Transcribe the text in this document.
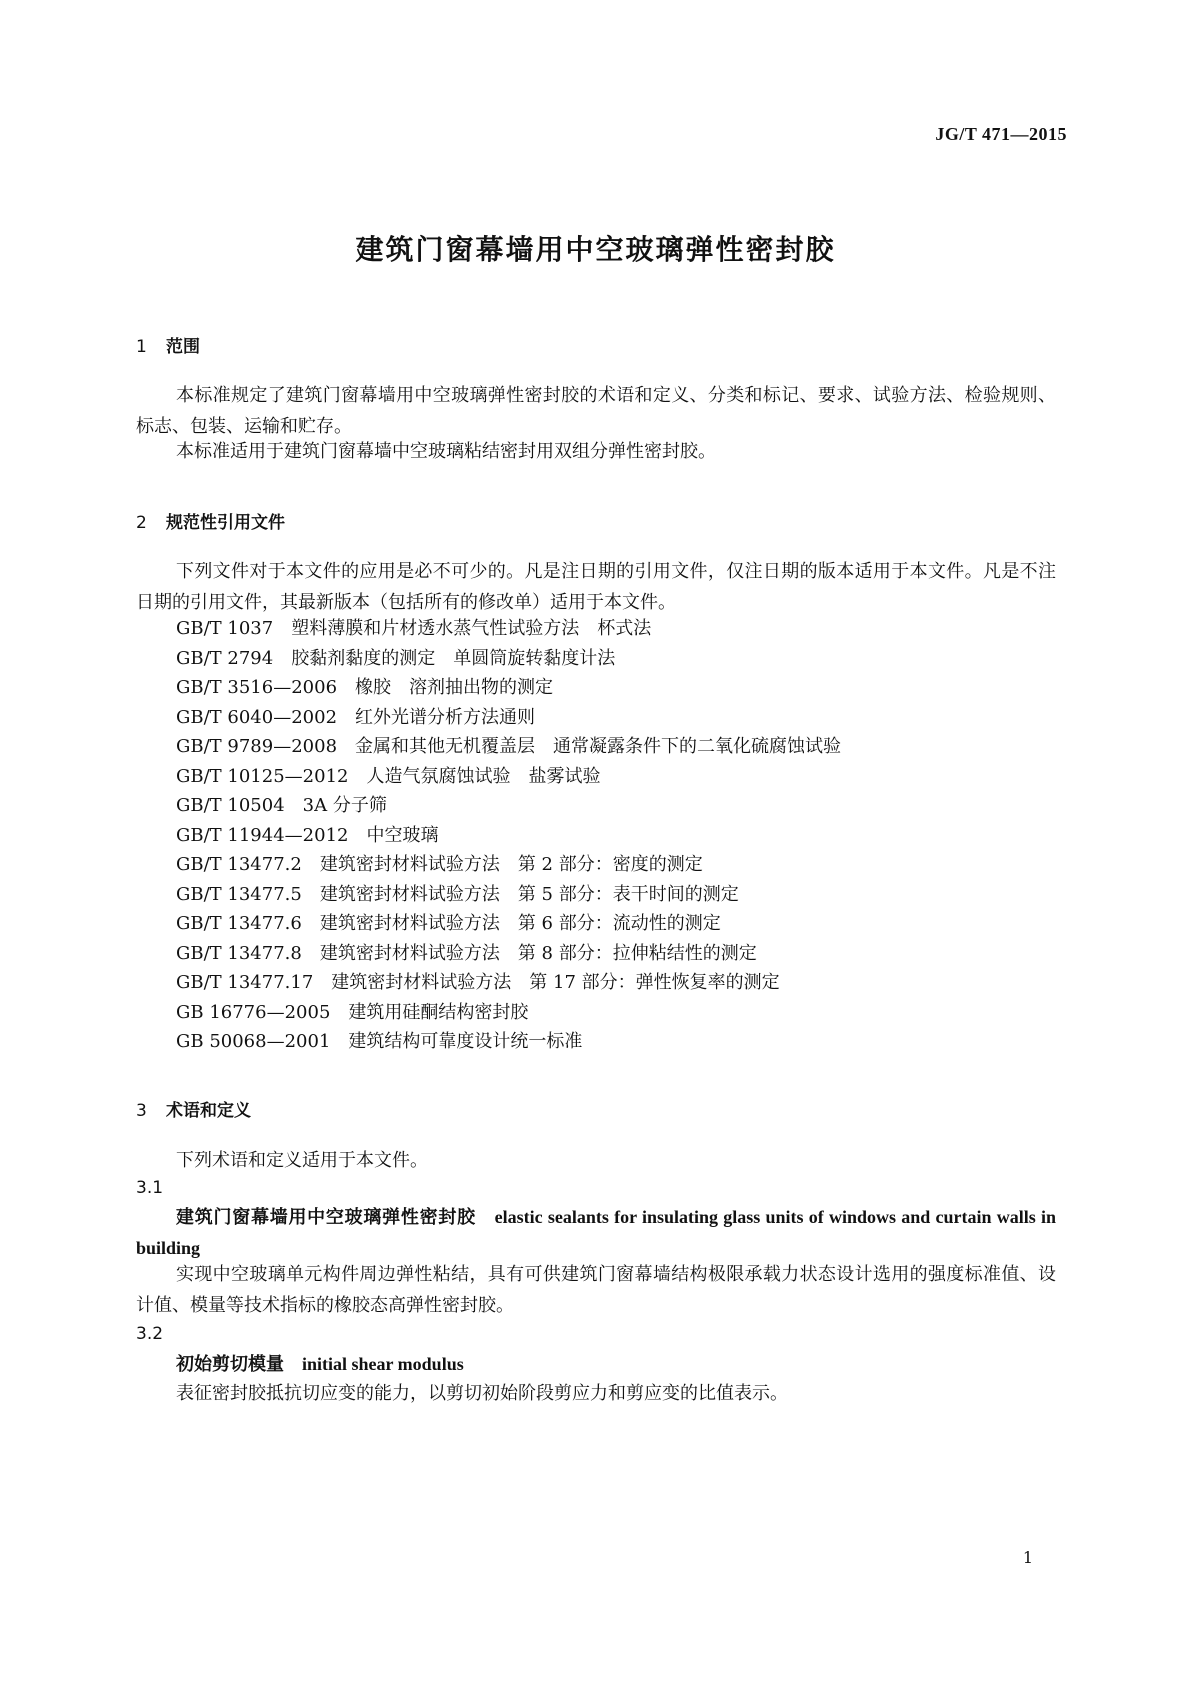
JG/T 471—2015
建筑门窗幕墙用中空玻璃弹性密封胶
1 范围
本标准规定了建筑门窗幕墙用中空玻璃弹性密封胶的术语和定义、分类和标记、要求、试验方法、检验规则、标志、包装、运输和贮存。
本标准适用于建筑门窗幕墙中空玻璃粘结密封用双组分弹性密封胶。
2 规范性引用文件
下列文件对于本文件的应用是必不可少的。凡是注日期的引用文件，仅注日期的版本适用于本文件。凡是不注日期的引用文件，其最新版本（包括所有的修改单）适用于本文件。
GB/T 1037　塑料薄膜和片材透水蒸气性试验方法　杯式法
GB/T 2794　胶黏剂黏度的测定　单圆筒旋转黏度计法
GB/T 3516—2006　橡胶　溶剂抽出物的测定
GB/T 6040—2002　红外光谱分析方法通则
GB/T 9789—2008　金属和其他无机覆盖层　通常凝露条件下的二氧化硫腐蚀试验
GB/T 10125—2012　人造气氛腐蚀试验　盐雾试验
GB/T 10504　3A 分子筛
GB/T 11944—2012　中空玻璃
GB/T 13477.2　建筑密封材料试验方法　第 2 部分：密度的测定
GB/T 13477.5　建筑密封材料试验方法　第 5 部分：表干时间的测定
GB/T 13477.6　建筑密封材料试验方法　第 6 部分：流动性的测定
GB/T 13477.8　建筑密封材料试验方法　第 8 部分：拉伸粘结性的测定
GB/T 13477.17　建筑密封材料试验方法　第 17 部分：弹性恢复率的测定
GB 16776—2005　建筑用硅酮结构密封胶
GB 50068—2001　建筑结构可靠度设计统一标准
3 术语和定义
下列术语和定义适用于本文件。
3.1
建筑门窗幕墙用中空玻璃弹性密封胶　 elastic sealants for insulating glass units of windows and curtain walls in building
实现中空玻璃单元构件周边弹性粘结，具有可供建筑门窗幕墙结构极限承载力状态设计选用的强度标准值、设计值、模量等技术指标的橡胶态高弹性密封胶。
3.2
初始剪切模量　 initial shear modulus
表征密封胶抵抗切应变的能力，以剪切初始阶段剪应力和剪应变的比值表示。
1
